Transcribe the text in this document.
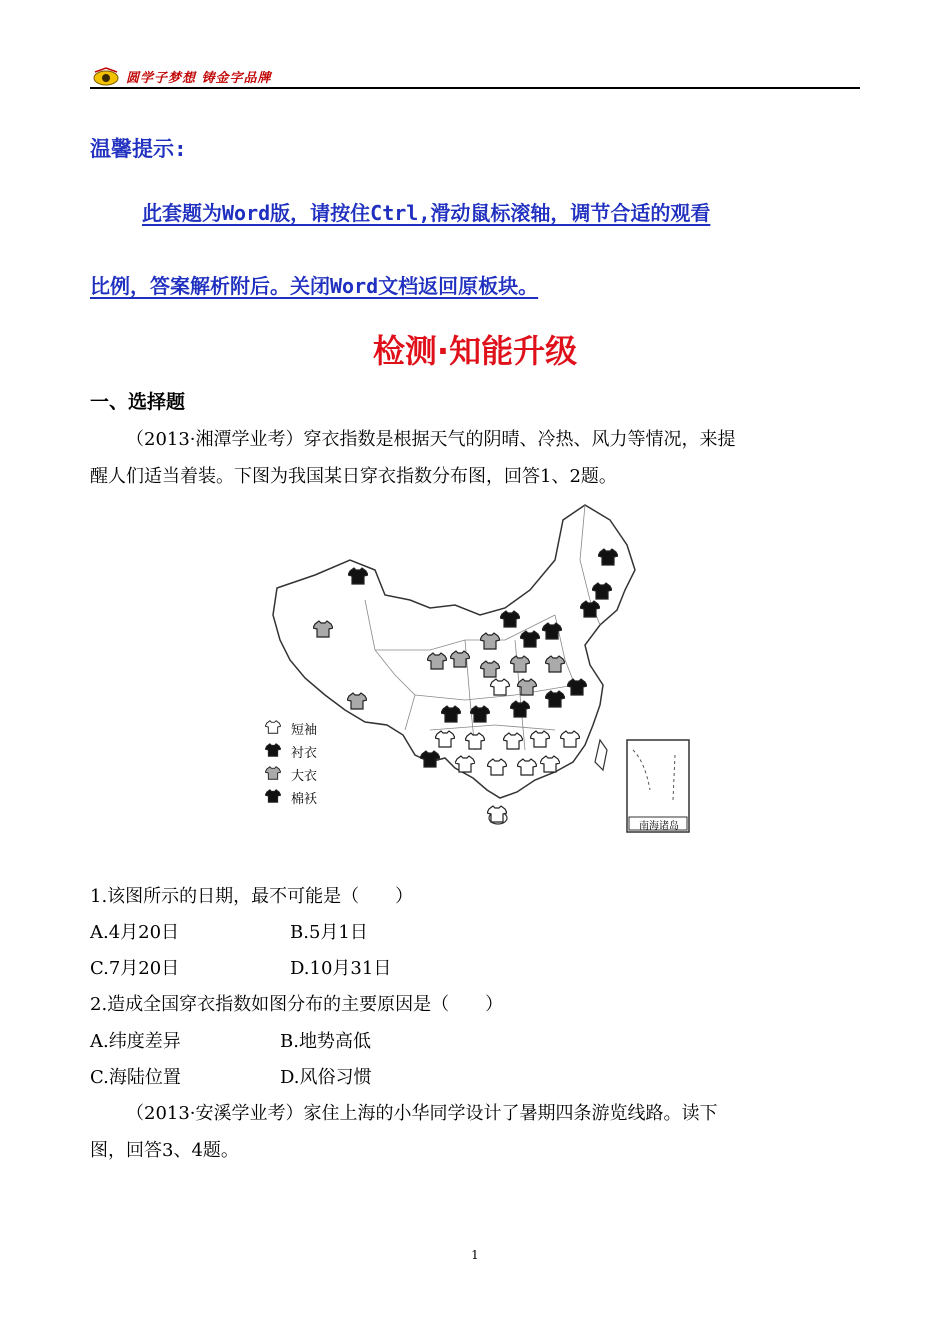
圆学子梦想 铸金字品牌
温馨提示:
此套题为Word版，请按住Ctrl,滑动鼠标滚轴，调节合适的观看
比例，答案解析附后。关闭Word文档返回原板块。
检测·知能升级
一、选择题
（2013·湘潭学业考）穿衣指数是根据天气的阴晴、冷热、风力等情况，来提
醒人们适当着装。下图为我国某日穿衣指数分布图，回答1、2题。
短袖
衬衣
大衣
棉袄
南海诸岛
1.该图所示的日期，最不可能是（　　）
A.4月20日	B.5月1日
C.7月20日	D.10月31日
2.造成全国穿衣指数如图分布的主要原因是（　　）
A.纬度差异	B.地势高低
C.海陆位置	D.风俗习惯
（2013·安溪学业考）家住上海的小华同学设计了暑期四条游览线路。读下
图，回答3、4题。
1
